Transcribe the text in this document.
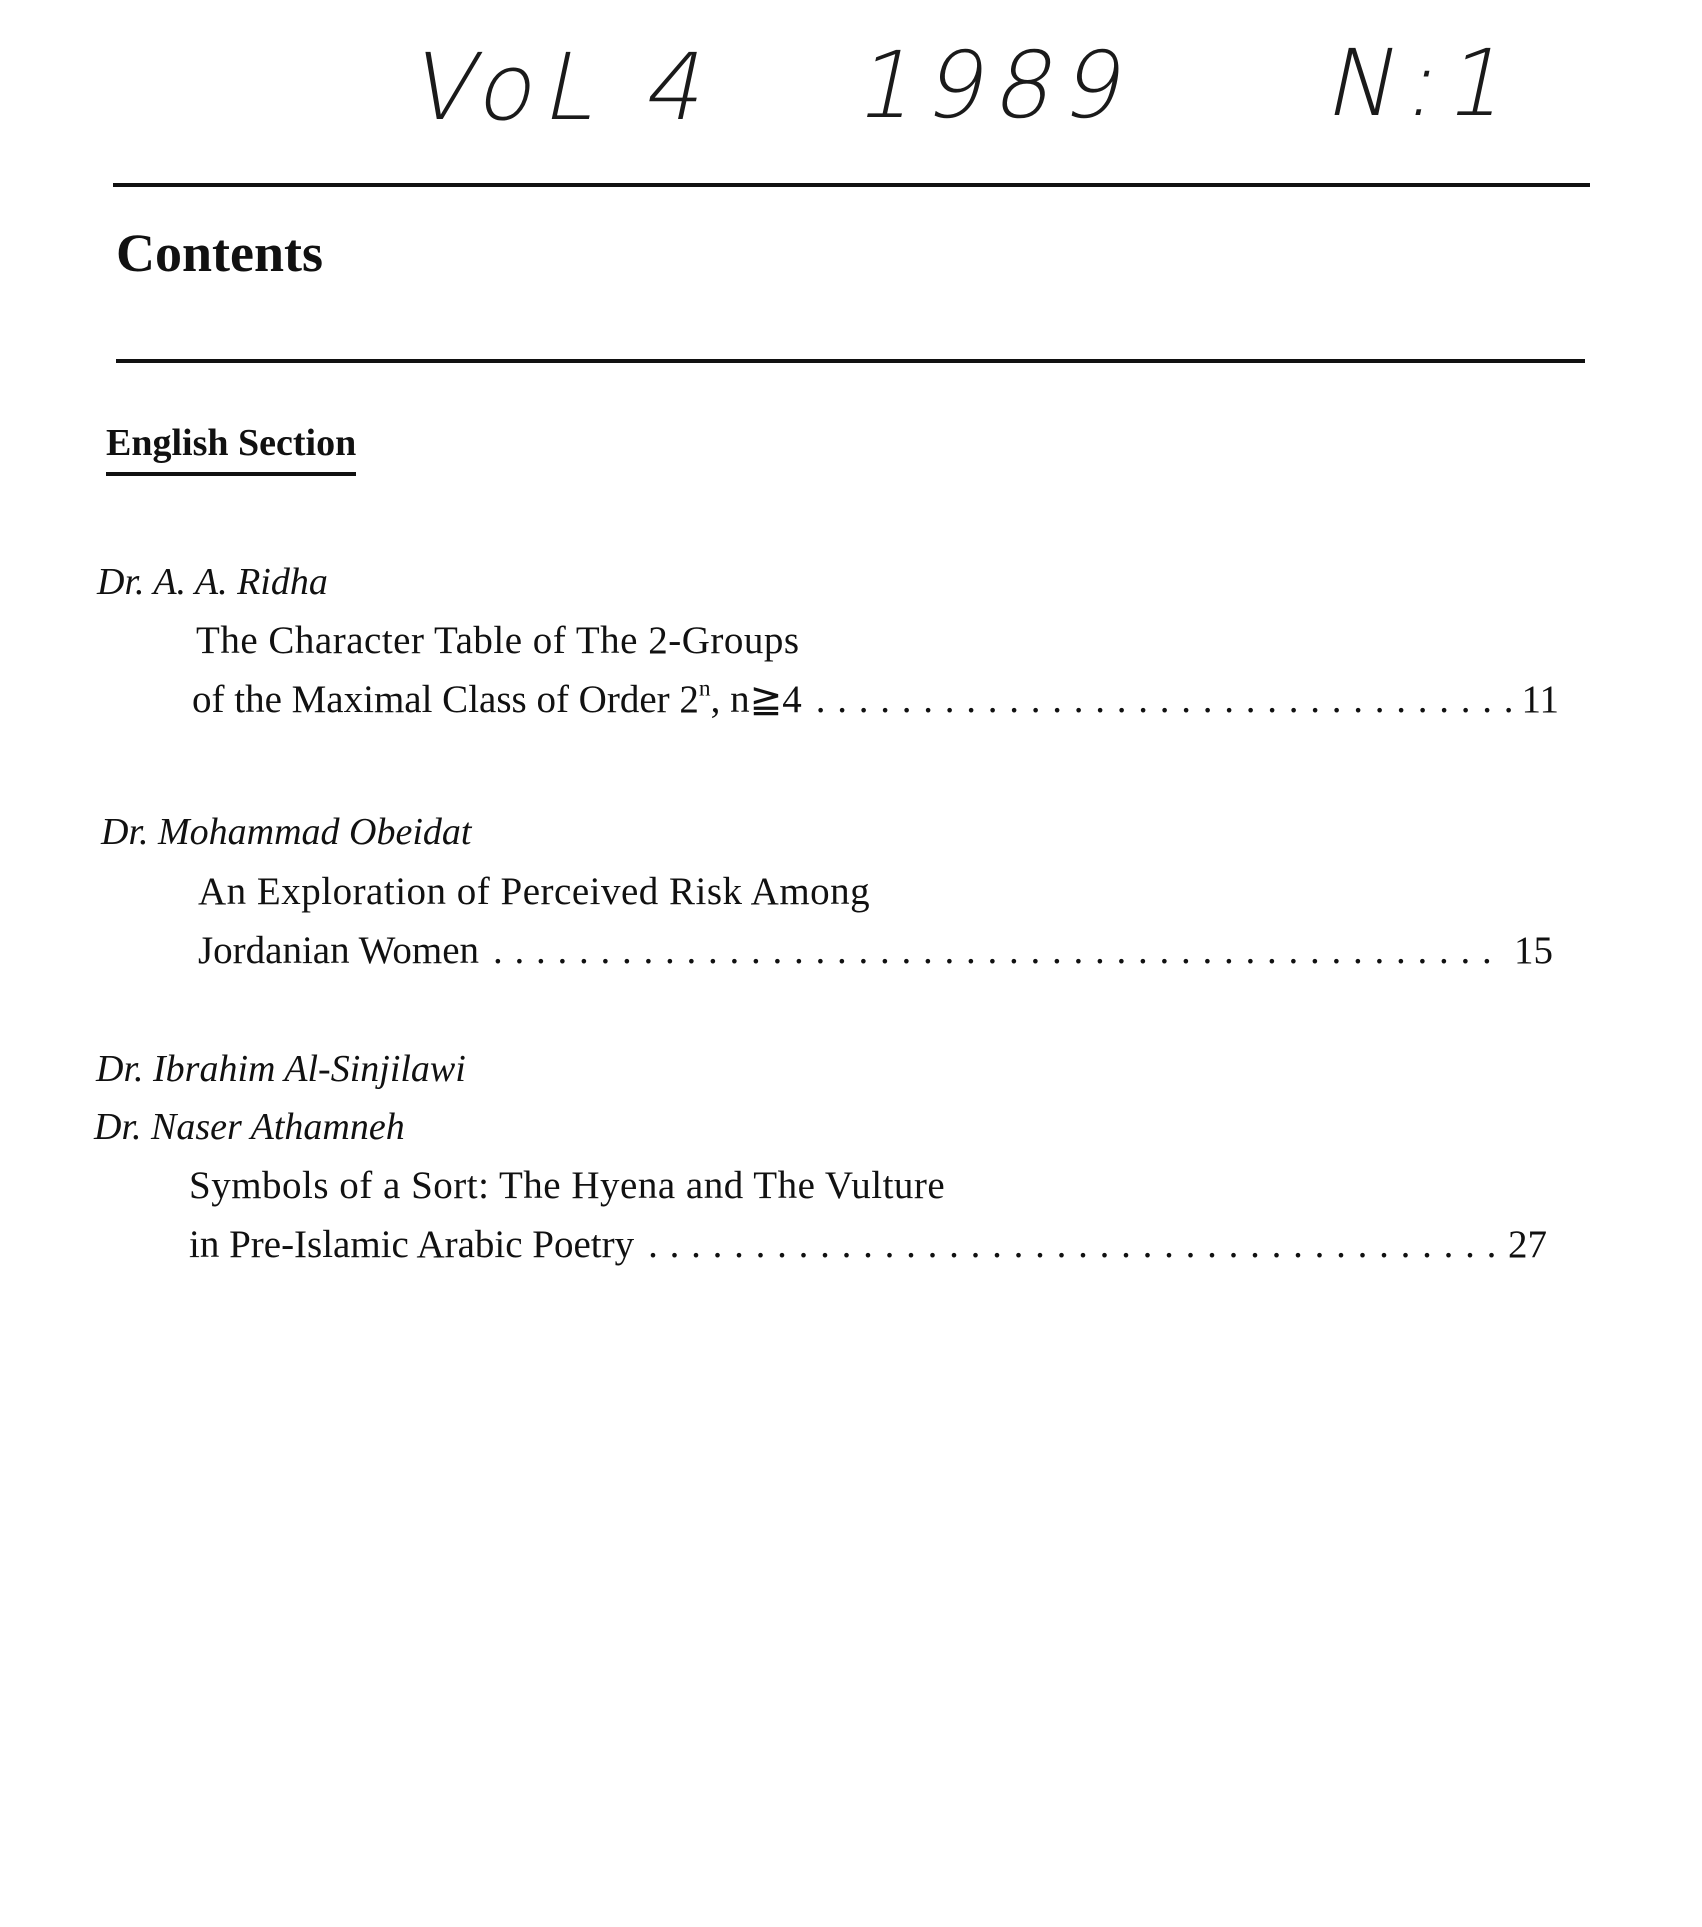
VoL 4 1989 N:1
Contents
English Section
Dr. A. A. Ridha
The Character Table of The 2-Groups
of the Maximal Class of Order 2$^n$, n≧4 . . .	11
Dr. Mohammad Obeidat
An Exploration of Perceived Risk Among
Jordanian Women . . .	15
Dr. Ibrahim Al-Sinjilawi
Dr. Naser Athamneh
Symbols of a Sort: The Hyena and The Vulture
in Pre-Islamic Arabic Poetry . . .	27
